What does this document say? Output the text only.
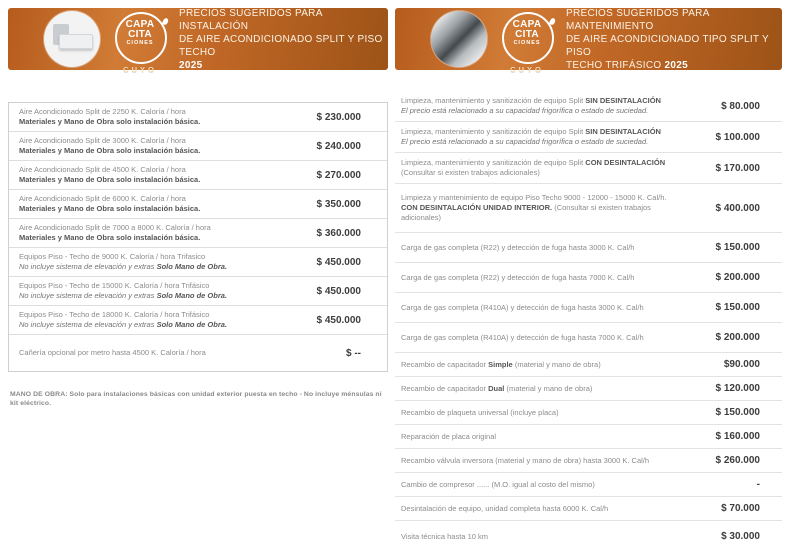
CAPA
CITA
CIONES
CUYO
PRECIOS SUGERIDOS PARA INSTALACIÓN
DE AIRE ACONDICIONADO SPLIT Y PISO TECHO
2025
Aire Acondicionado Split de 2250 K. Caloría / hora
Materiales y Mano de Obra solo instalación básica.	$ 230.000
Aire Acondicionado Split de 3000 K. Caloría / hora
Materiales y Mano de Obra solo instalación básica.	$ 240.000
Aire Acondicionado Split de 4500 K. Caloría / hora
Materiales y Mano de Obra solo instalación básica.	$ 270.000
Aire Acondicionado Split de 6000 K. Caloría / hora
Materiales y Mano de Obra solo instalación básica.	$ 350.000
Aire Acondicionado Split de 7000 a 8000 K. Caloría / hora
Materiales y Mano de Obra solo instalación básica.	$ 360.000
Equipos Piso - Techo de 9000 K. Caloría / hora Trifasico
No incluye sistema de elevación y extras Solo Mano de Obra.	$ 450.000
Equipos Piso - Techo de 15000 K. Caloría / hora Trifásico
No incluye sistema de elevación y extras Solo Mano de Obra.	$ 450.000
Equipos Piso - Techo de 18000 K. Caloría / hora Trifásico
No incluye sistema de elevación y extras Solo Mano de Obra.	$ 450.000
Cañería opcional por metro hasta 4500 K. Caloría / hora	$ --
MANO DE OBRA: Solo para instalaciones básicas con unidad exterior puesta en techo - No incluye ménsulas ni kit eléctrico.
CAPA
CITA
CIONES
CUYO
PRECIOS SUGERIDOS PARA MANTENIMIENTO
DE AIRE ACONDICIONADO TIPO SPLIT Y PISO
TECHO TRIFÁSICO 2025
Limpieza, mantenimiento y sanitización de equipo Split SIN DESINTALACIÓN
El precio está relacionado a su capacidad frigorífica o estado de suciedad.	$ 80.000
Limpieza, mantenimiento y sanitización de equipo Split SIN DESINTALACIÓN
El precio está relacionado a su capacidad frigorífica o estado de suciedad.	$ 100.000
Limpieza, mantenimiento y sanitización de equipo Split CON DESINTALACIÓN
(Consultar si existen trabajos adicionales)	$ 170.000
Limpieza y mantenimiento de equipo Piso Techo 9000 - 12000 - 15000 K. Cal/h.
CON DESINTALACIÓN UNIDAD INTERIOR. (Consultar si existen trabajos adicionales)
$ 400.000
Carga de gas completa (R22) y detección de fuga hasta 3000 K. Cal/h	$ 150.000
Carga de gas completa (R22) y detección de fuga hasta 7000 K. Cal/h	$ 200.000
Carga de gas completa (R410A) y detección de fuga hasta 3000 K. Cal/h	$ 150.000
Carga de gas completa (R410A) y detección de fuga hasta 7000 K. Cal/h	$ 200.000
Recambio de capacitador Simple (material y mano de obra)	$90.000
Recambio de capacitador Dual (material y mano de obra)	$ 120.000
Recambio de plaqueta universal (incluye placa)	$ 150.000
Reparación de placa original	$ 160.000
Recambio válvula inversora (material y mano de obra) hasta 3000 K. Cal/h	$ 260.000
Cambio de compresor ...... (M.O. igual al costo del mismo)	-
Desintalación de equipo, unidad completa hasta 6000 K. Cal/h	$ 70.000
Visita técnica hasta 10 km	$ 30.000
